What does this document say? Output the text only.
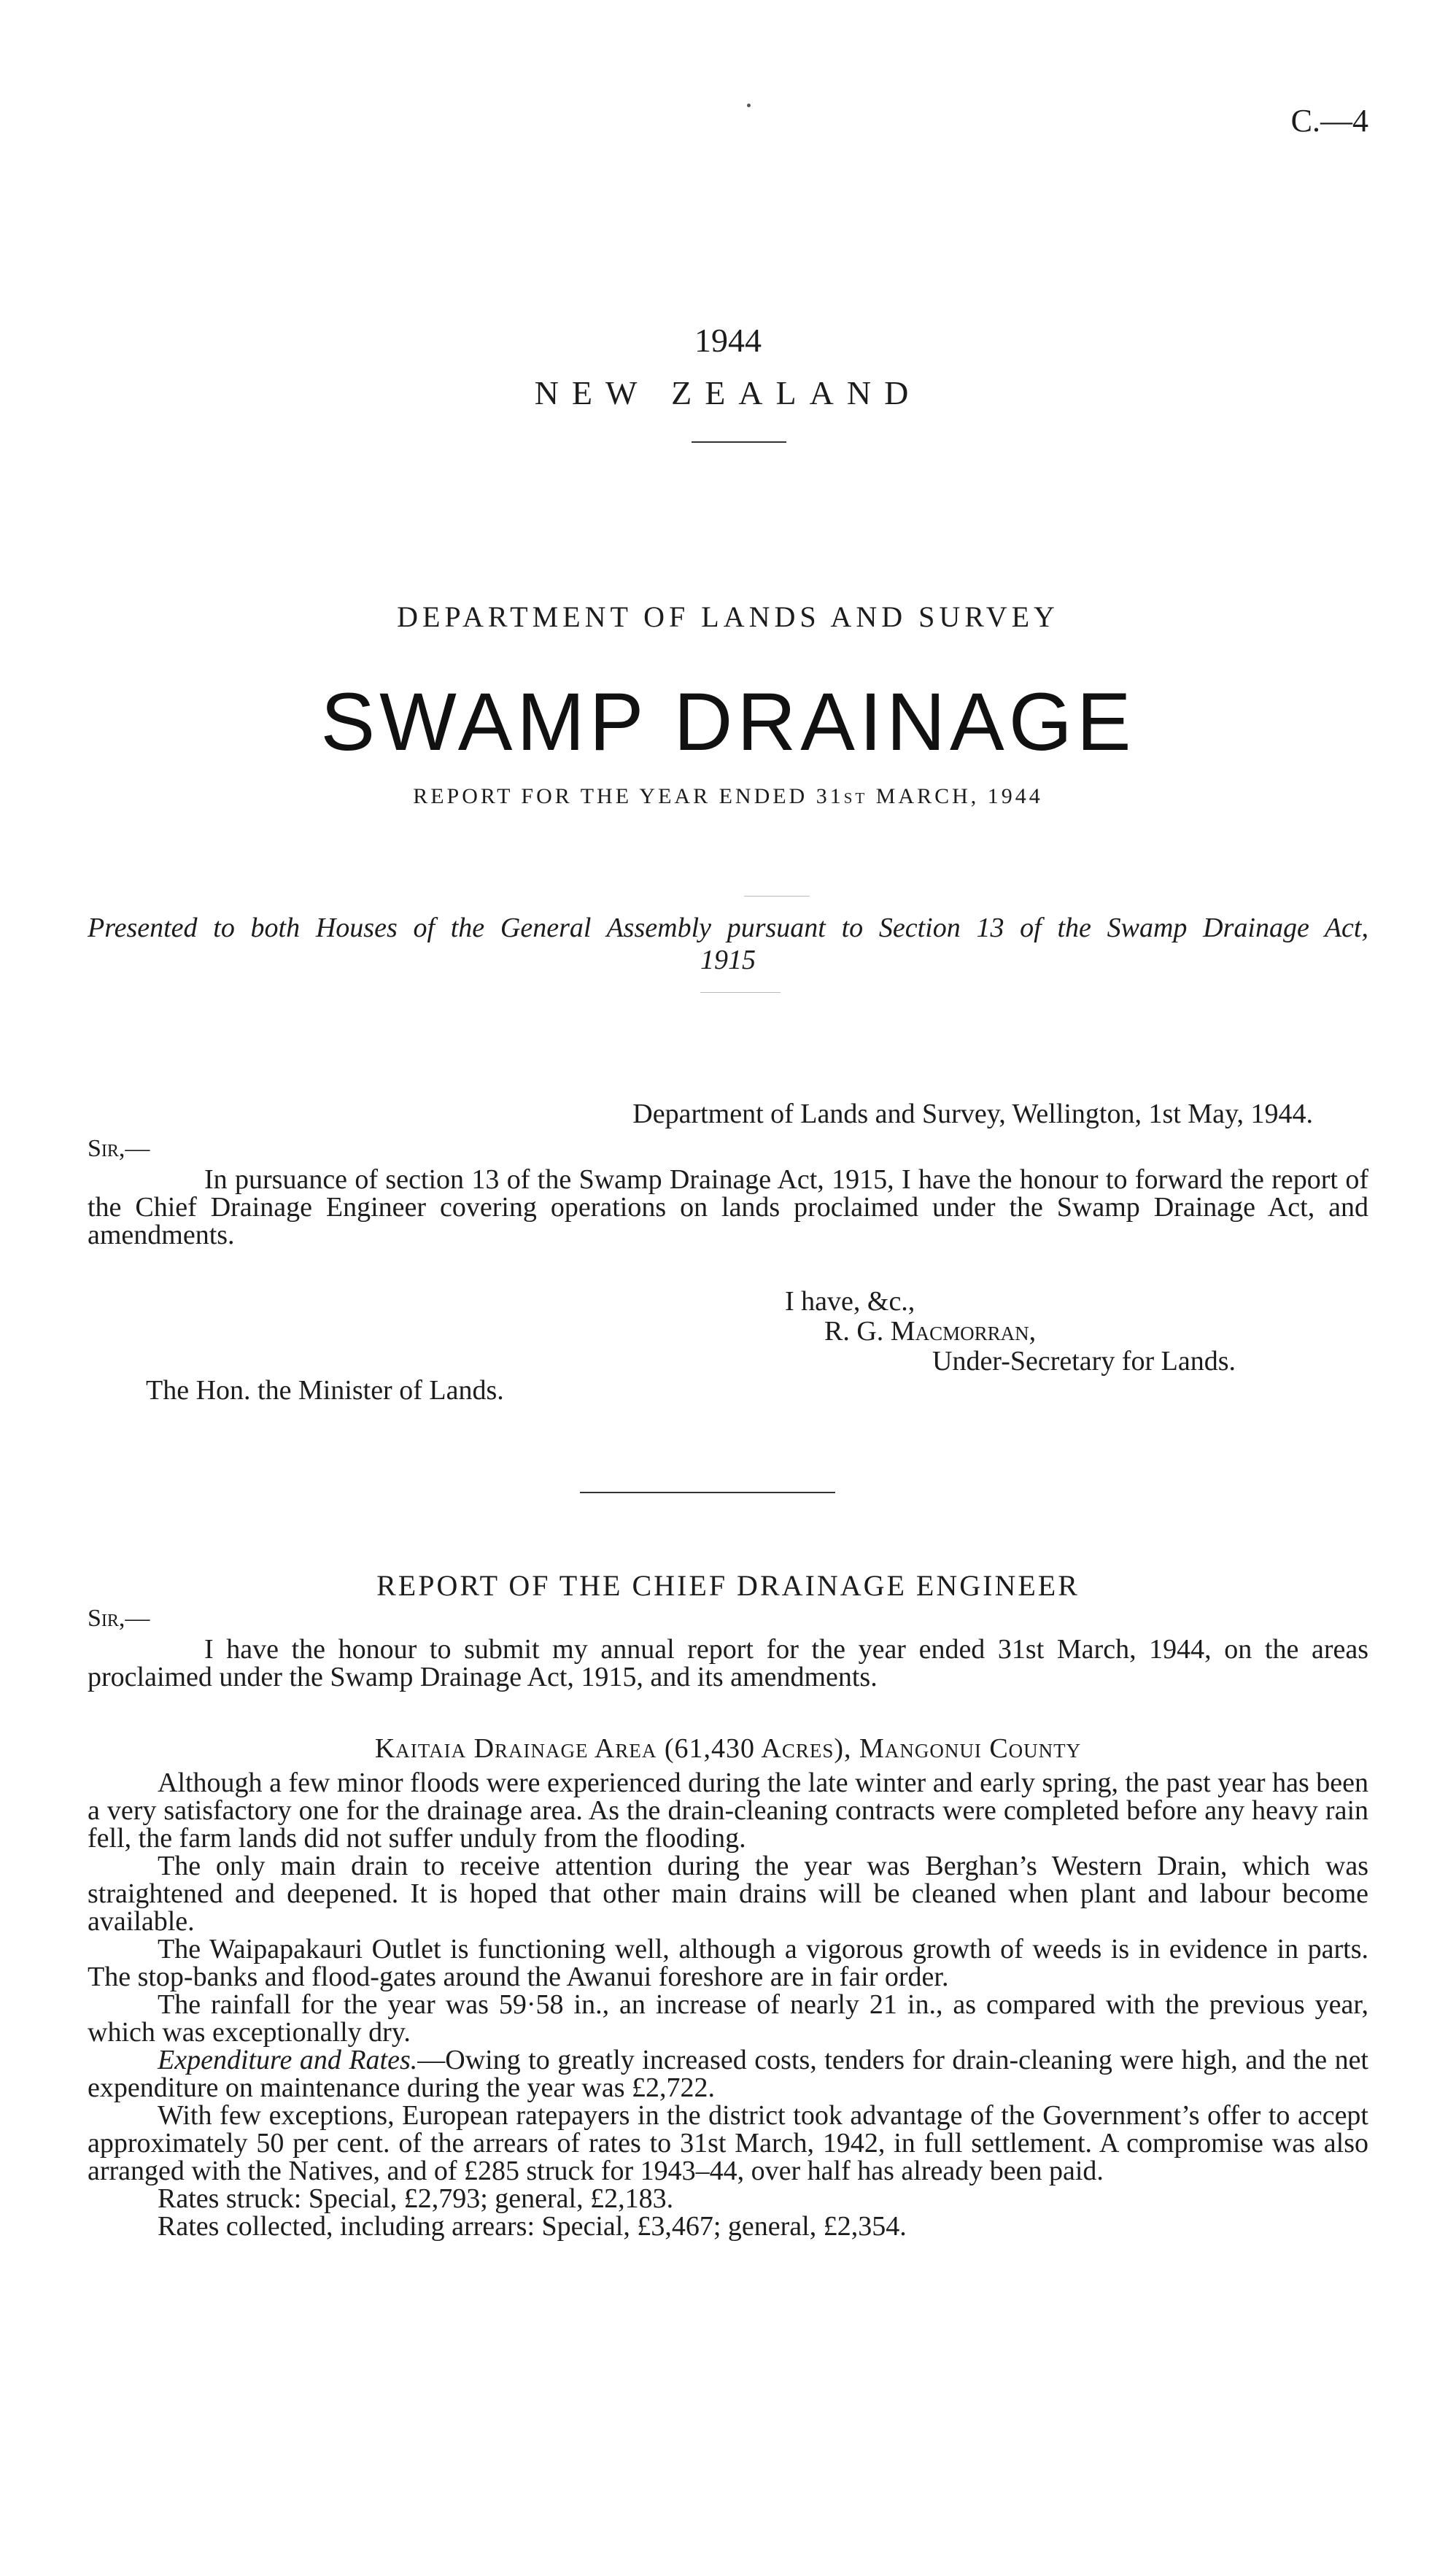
C.—4
1944
NEW ZEALAND
DEPARTMENT OF LANDS AND SURVEY
SWAMP DRAINAGE
REPORT FOR THE YEAR ENDED 31st MARCH, 1944
Presented to both Houses of the General Assembly pursuant to Section 13 of the Swamp Drainage Act, 1915
Department of Lands and Survey, Wellington, 1st May, 1944.
Sir,—
In pursuance of section 13 of the Swamp Drainage Act, 1915, I have the honour to forward the report of the Chief Drainage Engineer covering operations on lands proclaimed under the Swamp Drainage Act, and amendments.
I have, &c.,
R. G. Macmorran,
Under-Secretary for Lands.
The Hon. the Minister of Lands.
REPORT OF THE CHIEF DRAINAGE ENGINEER
Sir,—
I have the honour to submit my annual report for the year ended 31st March, 1944, on the areas proclaimed under the Swamp Drainage Act, 1915, and its amendments.
Kaitaia Drainage Area (61,430 Acres), Mangonui County

Although a few minor floods were experienced during the late winter and early spring, the past year has been a very satisfactory one for the drainage area. As the drain-cleaning contracts were completed before any heavy rain fell, the farm lands did not suffer unduly from the flooding.

The only main drain to receive attention during the year was Berghan’s Western Drain, which was straightened and deepened. It is hoped that other main drains will be cleaned when plant and labour become available.

The Waipapakauri Outlet is functioning well, although a vigorous growth of weeds is in evidence in parts. The stop-banks and flood-gates around the Awanui foreshore are in fair order.

The rainfall for the year was 59·58 in., an increase of nearly 21 in., as compared with the previous year, which was exceptionally dry.

Expenditure and Rates.—Owing to greatly increased costs, tenders for drain-cleaning were high, and the net expenditure on maintenance during the year was £2,722.

With few exceptions, European ratepayers in the district took advantage of the Government’s offer to accept approximately 50 per cent. of the arrears of rates to 31st March, 1942, in full settlement. A compromise was also arranged with the Natives, and of £285 struck for 1943–44, over half has already been paid.

Rates struck: Special, £2,793; general, £2,183.

Rates collected, including arrears: Special, £3,467; general, £2,354.
